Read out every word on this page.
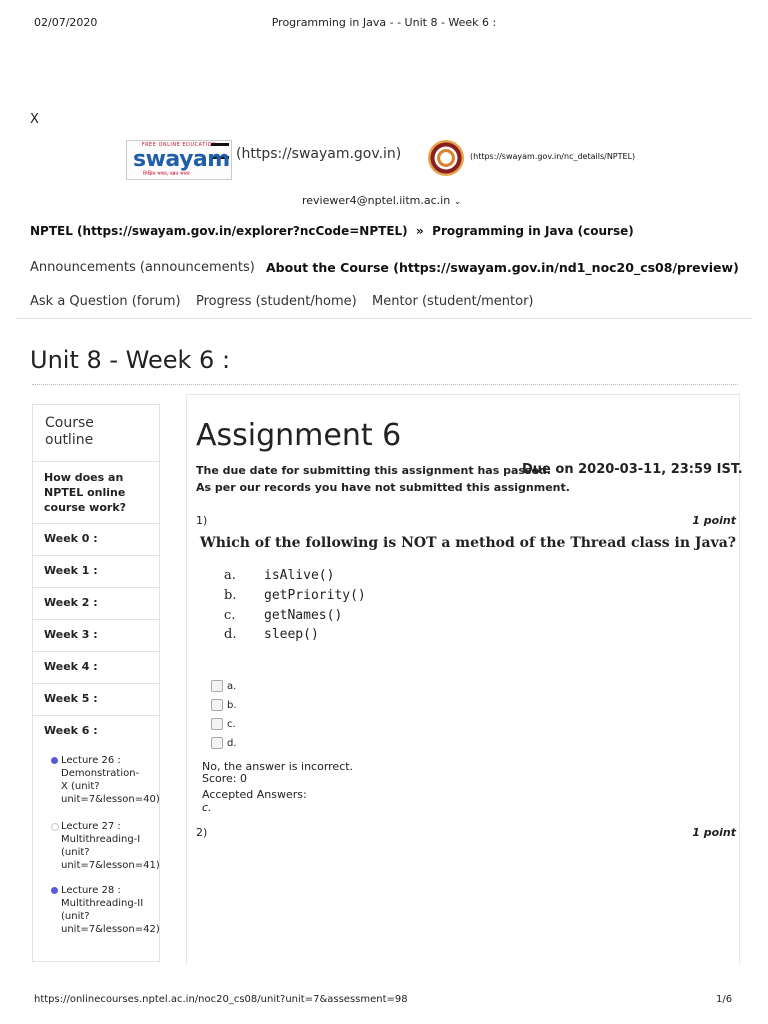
02/07/2020	Programming in Java - - Unit 8 - Week 6 :
X
FREE ONLINE EDUCATION
swayam
शिक्षित भारत, उन्नत भारत
(https://swayam.gov.in)	(https://swayam.gov.in/nc_details/NPTEL)
reviewer4@nptel.iitm.ac.in ⌄
NPTEL (https://swayam.gov.in/explorer?ncCode=NPTEL) » Programming in Java (course)
Announcements (announcements) About the Course (https://swayam.gov.in/nd1_noc20_cs08/preview)
Ask a Question (forum) Progress (student/home) Mentor (student/mentor)
Unit 8 - Week 6 :
Course
outline
How does an
NPTEL online
course work?
Week 0 :
Week 1 :
Week 2 :
Week 3 :
Week 4 :
Week 5 :
Week 6 :
Lecture 26 :
Demonstration-
X (unit?
unit=7&lesson=40)
Lecture 27 :
Multithreading-I
(unit?
unit=7&lesson=41)
Lecture 28 :
Multithreading-II
(unit?
unit=7&lesson=42)
Assignment 6
The due date for submitting this assignment has passed.
Due on 2020-03-11, 23:59 IST.
As per our records you have not submitted this assignment.
1)	1 point
Which of the following is NOT a method of the Thread class in Java?
a. isAlive()
b. getPriority()
c. getNames()
d. sleep()
a.
b.
c.
d.
No, the answer is incorrect.
Score: 0
Accepted Answers:
c.
2)	1 point
https://onlinecourses.nptel.ac.in/noc20_cs08/unit?unit=7&assessment=98	1/6
